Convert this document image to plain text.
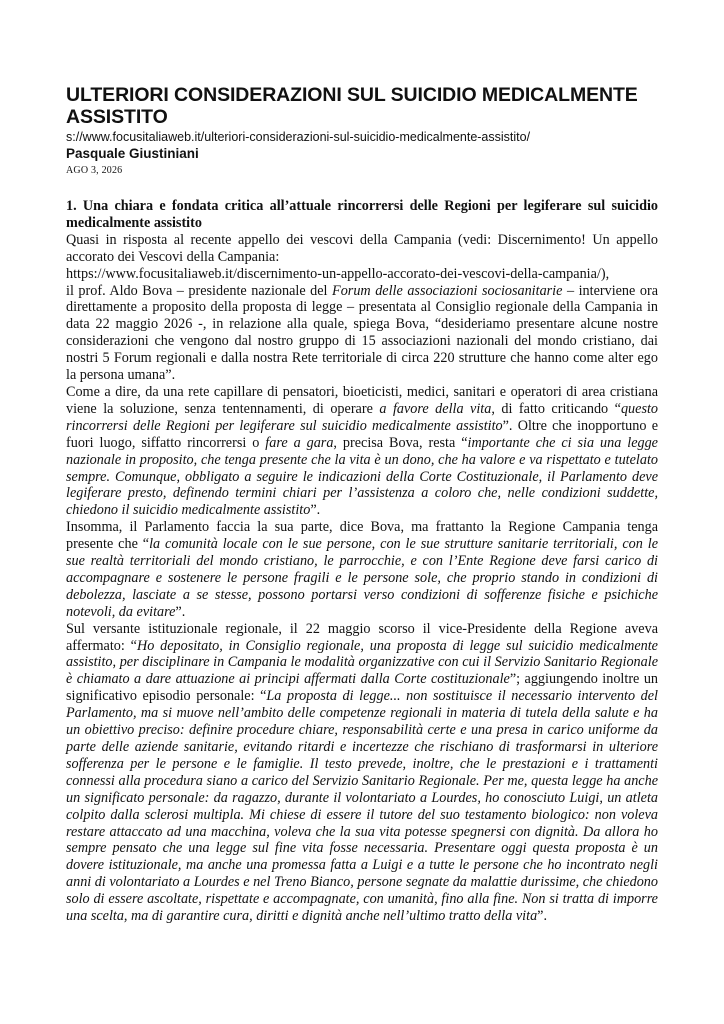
ULTERIORI CONSIDERAZIONI SUL SUICIDIO MEDICALMENTE ASSISTITO
s://www.focusitaliaweb.it/ulteriori-considerazioni-sul-suicidio-medicalmente-assistito/
Pasquale Giustiniani
AGO 3, 2026

1. Una chiara e fondata critica all’attuale rincorrersi delle Regioni per legiferare sul suicidio medicalmente assistito

Quasi in risposta al recente appello dei vescovi della Campania (vedi: Discernimento! Un appello accorato dei Vescovi della Campania:
https://www.focusitaliaweb.it/discernimento-un-appello-accorato-dei-vescovi-della-campania/),
il prof. Aldo Bova – presidente nazionale del Forum delle associazioni sociosanitarie – interviene ora direttamente a proposito della proposta di legge – presentata al Consiglio regionale della Campania in data 22 maggio 2026 -, in relazione alla quale, spiega Bova, “desideriamo presentare alcune nostre considerazioni che vengono dal nostro gruppo di 15 associazioni nazionali del mondo cristiano, dai nostri 5 Forum regionali e dalla nostra Rete territoriale di circa 220 strutture che hanno come alter ego la persona umana”.

Come a dire, da una rete capillare di pensatori, bioeticisti, medici, sanitari e operatori di area cristiana viene la soluzione, senza tentennamenti, di operare a favore della vita, di fatto criticando “questo rincorrersi delle Regioni per legiferare sul suicidio medicalmente assistito”. Oltre che inopportuno e fuori luogo, siffatto rincorrersi o fare a gara, precisa Bova, resta “importante che ci sia una legge nazionale in proposito, che tenga presente che la vita è un dono, che ha valore e va rispettato e tutelato sempre. Comunque, obbligato a seguire le indicazioni della Corte Costituzionale, il Parlamento deve legiferare presto, definendo termini chiari per l’assistenza a coloro che, nelle condizioni suddette, chiedono il suicidio medicalmente assistito”.

Insomma, il Parlamento faccia la sua parte, dice Bova, ma frattanto la Regione Campania tenga presente che “la comunità locale con le sue persone, con le sue strutture sanitarie territoriali, con le sue realtà territoriali del mondo cristiano, le parrocchie, e con l’Ente Regione deve farsi carico di accompagnare e sostenere le persone fragili e le persone sole, che proprio stando in condizioni di debolezza, lasciate a se stesse, possono portarsi verso condizioni di sofferenze fisiche e psichiche notevoli, da evitare”.

Sul versante istituzionale regionale, il 22 maggio scorso il vice-Presidente della Regione aveva affermato: “Ho depositato, in Consiglio regionale, una proposta di legge sul suicidio medicalmente assistito, per disciplinare in Campania le modalità organizzative con cui il Servizio Sanitario Regionale è chiamato a dare attuazione ai principi affermati dalla Corte costituzionale”; aggiungendo inoltre un significativo episodio personale: “La proposta di legge... non sostituisce il necessario intervento del Parlamento, ma si muove nell’ambito delle competenze regionali in materia di tutela della salute e ha un obiettivo preciso: definire procedure chiare, responsabilità certe e una presa in carico uniforme da parte delle aziende sanitarie, evitando ritardi e incertezze che rischiano di trasformarsi in ulteriore sofferenza per le persone e le famiglie. Il testo prevede, inoltre, che le prestazioni e i trattamenti connessi alla procedura siano a carico del Servizio Sanitario Regionale. Per me, questa legge ha anche un significato personale: da ragazzo, durante il volontariato a Lourdes, ho conosciuto Luigi, un atleta colpito dalla sclerosi multipla. Mi chiese di essere il tutore del suo testamento biologico: non voleva restare attaccato ad una macchina, voleva che la sua vita potesse spegnersi con dignità. Da allora ho sempre pensato che una legge sul fine vita fosse necessaria. Presentare oggi questa proposta è un dovere istituzionale, ma anche una promessa fatta a Luigi e a tutte le persone che ho incontrato negli anni di volontariato a Lourdes e nel Treno Bianco, persone segnate da malattie durissime, che chiedono solo di essere ascoltate, rispettate e accompagnate, con umanità, fino alla fine. Non si tratta di imporre una scelta, ma di garantire cura, diritti e dignità anche nell’ultimo tratto della vita”.
